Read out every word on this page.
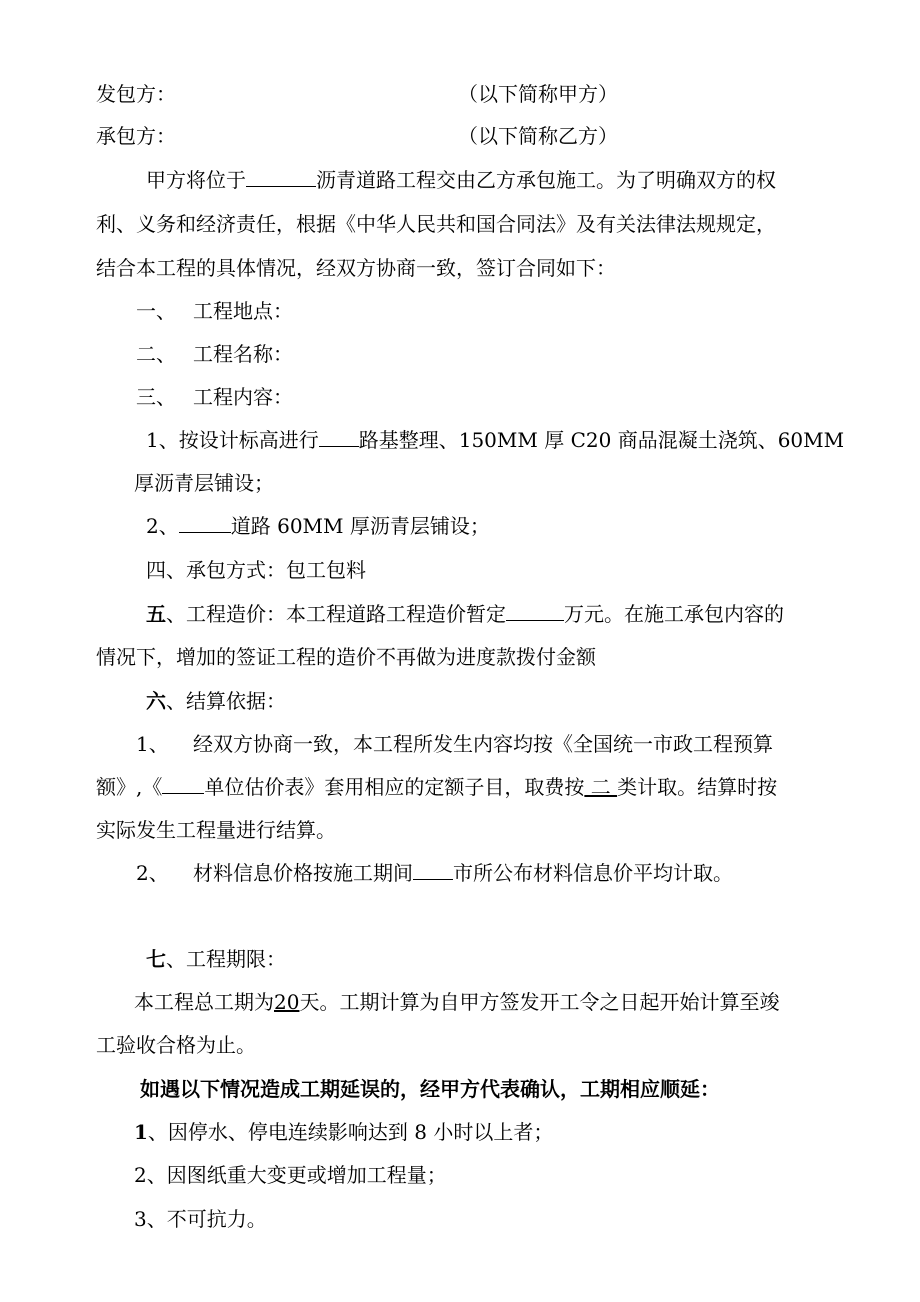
发包方：	（以下简称甲方）
承包方：	（以下简称乙方）
甲方将位于	沥青道路工程交由乙方承包施工。为了明确双方的权
利、义务和经济责任，根据《中华人民共和国合同法》及有关法律法规规定，
结合本工程的具体情况，经双方协商一致，签订合同如下：
一、 工程地点：
二、 工程名称：
三、 工程内容：
1、按设计标高进行 路基整理、150MM 厚 C20 商品混凝土浇筑、60MM
厚沥青层铺设；
2、	道路 60MM 厚沥青层铺设；
四、承包方式：包工包料
五、工程造价：本工程道路工程造价暂定	万元。在施工承包内容的
情况下，增加的签证工程的造价不再做为进度款拨付金额
六、结算依据：
1、 经双方协商一致，本工程所发生内容均按《全国统一市政工程预算
额》,《 单位估价表》套用相应的定额子目，取费按 二 类计取。结算时按
实际发生工程量进行结算。
2、 材料信息价格按施工期间 市所公布材料信息价平均计取。
七、工程期限：
本工程总工期为20天。工期计算为自甲方签发开工令之日起开始计算至竣
工验收合格为止。
如遇以下情况造成工期延误的，经甲方代表确认，工期相应顺延：
1、因停水、停电连续影响达到 8 小时以上者；
2、因图纸重大变更或增加工程量；
3、不可抗力。
